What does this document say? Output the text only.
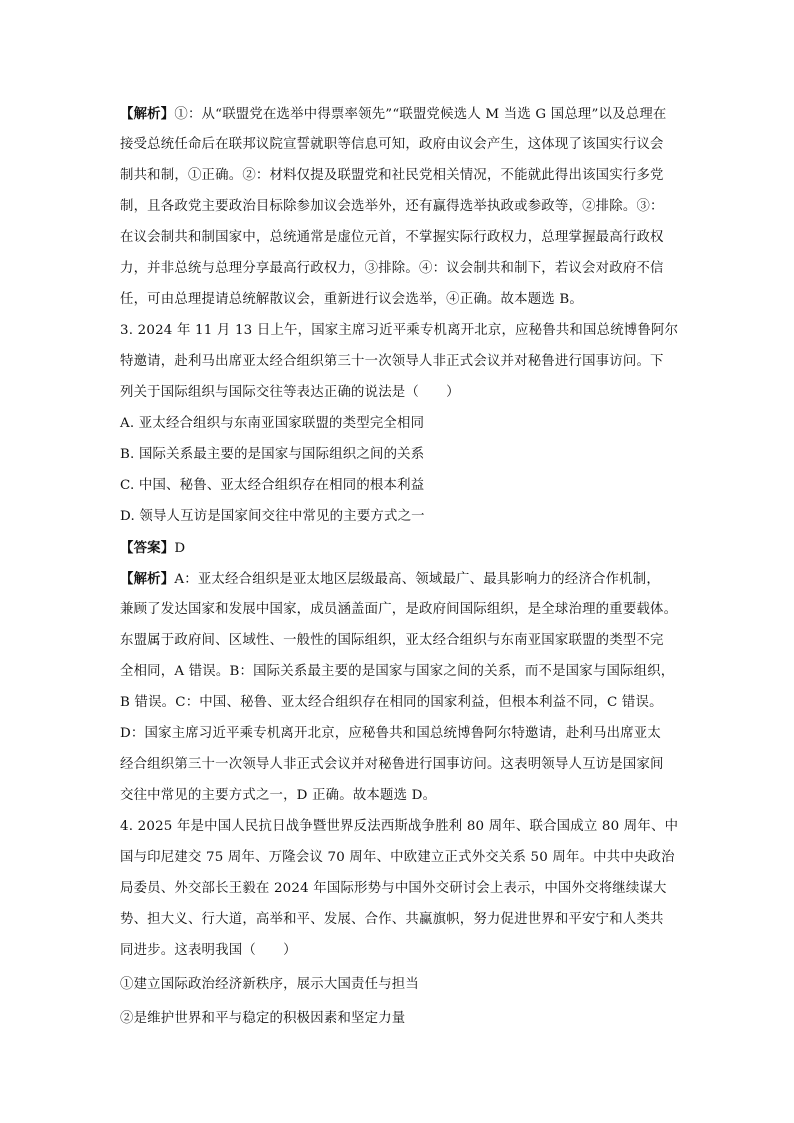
【解析】①：从“联盟党在选举中得票率领先”“联盟党候选人 M 当选 G 国总理”以及总理在
接受总统任命后在联邦议院宣誓就职等信息可知，政府由议会产生，这体现了该国实行议会
制共和制，①正确。②：材料仅提及联盟党和社民党相关情况，不能就此得出该国实行多党
制，且各政党主要政治目标除参加议会选举外，还有赢得选举执政或参政等，②排除。③：
在议会制共和制国家中，总统通常是虚位元首，不掌握实际行政权力，总理掌握最高行政权
力，并非总统与总理分享最高行政权力，③排除。④：议会制共和制下，若议会对政府不信
任，可由总理提请总统解散议会，重新进行议会选举，④正确。故本题选 B。
3. 2024 年 11 月 13 日上午，国家主席习近平乘专机离开北京，应秘鲁共和国总统博鲁阿尔
特邀请，赴利马出席亚太经合组织第三十一次领导人非正式会议并对秘鲁进行国事访问。下
列关于国际组织与国际交往等表达正确的说法是（　　）
A. 亚太经合组织与东南亚国家联盟的类型完全相同
B. 国际关系最主要的是国家与国际组织之间的关系
C. 中国、秘鲁、亚太经合组织存在相同的根本利益
D. 领导人互访是国家间交往中常见的主要方式之一
【答案】D
【解析】A：亚太经合组织是亚太地区层级最高、领域最广、最具影响力的经济合作机制，
兼顾了发达国家和发展中国家，成员涵盖面广，是政府间国际组织，是全球治理的重要载体。
东盟属于政府间、区域性、一般性的国际组织，亚太经合组织与东南亚国家联盟的类型不完
全相同，A 错误。B：国际关系最主要的是国家与国家之间的关系，而不是国家与国际组织，
B 错误。C：中国、秘鲁、亚太经合组织存在相同的国家利益，但根本利益不同，C 错误。
D：国家主席习近平乘专机离开北京，应秘鲁共和国总统博鲁阿尔特邀请，赴利马出席亚太
经合组织第三十一次领导人非正式会议并对秘鲁进行国事访问。这表明领导人互访是国家间
交往中常见的主要方式之一，D 正确。故本题选 D。
4. 2025 年是中国人民抗日战争暨世界反法西斯战争胜利 80 周年、联合国成立 80 周年、中
国与印尼建交 75 周年、万隆会议 70 周年、中欧建立正式外交关系 50 周年。中共中央政治
局委员、外交部长王毅在 2024 年国际形势与中国外交研讨会上表示，中国外交将继续谋大
势、担大义、行大道，高举和平、发展、合作、共赢旗帜，努力促进世界和平安宁和人类共
同进步。这表明我国（　　）
①建立国际政治经济新秩序，展示大国责任与担当
②是维护世界和平与稳定的积极因素和坚定力量
